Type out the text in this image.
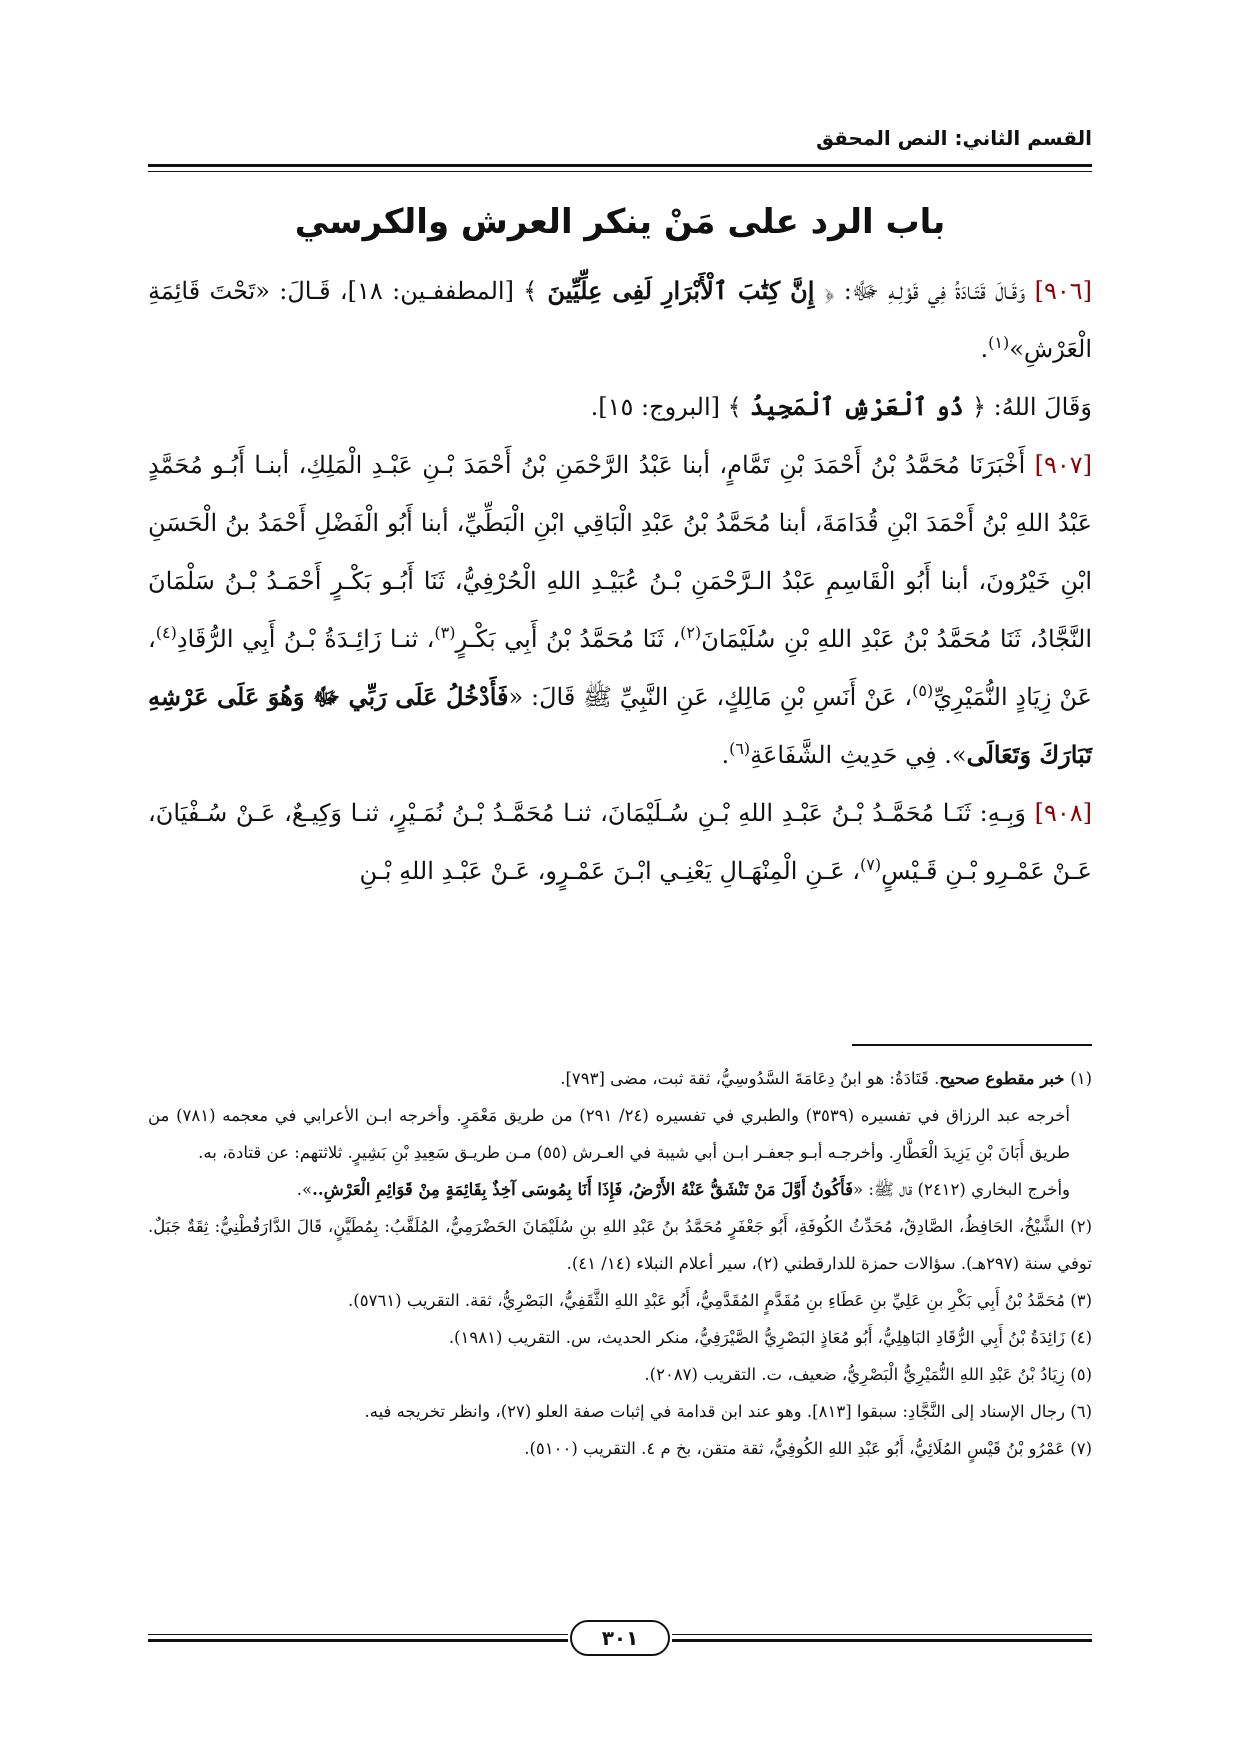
القسم الثاني: النص المحقق
باب الرد على مَنْ ينكر العرش والكرسي

[٩٠٦] وَقَـالَ قَتَـادَةُ فِي قَوْلِـهِ ﷻ: ﴿ إِنَّ كِتَٰبَ ٱلْأَبْرَارِ لَفِى عِلِّيِّينَ ﴾ [المطففـين: ١٨]، قَـالَ: «تَحْتَ قَائِمَةِ الْعَرْشِ»$^{(١)}$.

وَقَالَ اللهُ: ﴿ ذُو ٱلْعَرْشِ ٱلْمَجِيدُ ﴾ [البروج: ١٥].

[٩٠٧] أَخْبَرَنَا مُحَمَّدُ بْنُ أَحْمَدَ بْنِ تَمَّامٍ، أبنا عَبْدُ الرَّحْمَنِ بْنُ أَحْمَدَ بْـنِ عَبْـدِ الْمَلِكِ، أبنـا أَبُـو مُحَمَّدٍ عَبْدُ اللهِ بْنُ أَحْمَدَ ابْنِ قُدَامَةَ، أبنا مُحَمَّدُ بْنُ عَبْدِ الْبَاقِي ابْنِ الْبَطِّيِّ، أبنا أَبُو الْفَضْلِ أَحْمَدُ بنُ الْحَسَنِ ابْنِ خَيْرُونَ، أبنا أَبُو الْقَاسِمِ عَبْدُ الـرَّحْمَنِ بْـنُ عُبَيْـدِ اللهِ الْحُرْفِيُّ، ثَنَا أَبُـو بَكْـرٍ أَحْمَـدُ بْـنُ سَلْمَانَ النَّجَّادُ، ثَنَا مُحَمَّدُ بْنُ عَبْدِ اللهِ بْنِ سُلَيْمَانَ$^{(٢)}$، ثَنَا مُحَمَّدُ بْنُ أَبِي بَكْـرٍ$^{(٣)}$، ثنـا زَائِـدَةُ بْـنُ أَبِي الرُّقَادِ$^{(٤)}$، عَنْ زِيَادٍ النُّمَيْرِيِّ$^{(٥)}$، عَنْ أَنَسِ بْنِ مَالِكٍ، عَنِ النَّبِيِّ ﷺ قَالَ: «فَأَدْخُلُ عَلَى رَبِّي ﷻ وَهُوَ عَلَى عَرْشِهِ تَبَارَكَ وَتَعَالَى». فِي حَدِيثِ الشَّفَاعَةِ$^{(٦)}$.

[٩٠٨] وَبِـهِ: ثَنَـا مُحَمَّـدُ بْـنُ عَبْـدِ اللهِ بْـنِ سُـلَيْمَانَ، ثنـا مُحَمَّـدُ بْـنُ نُمَـيْرٍ، ثنـا وَكِيـعٌ، عَـنْ سُـفْيَانَ، عَـنْ عَمْـرِو بْـنِ قَـيْسٍ$^{(٧)}$، عَـنِ الْمِنْهَـالِ يَعْنِـي ابْـنَ عَمْـرٍو، عَـنْ عَبْـدِ اللهِ بْـنِ

(١) خبر مقطوع صحيح. قَتَادَةُ: هو ابنُ دِعَامَةَ السَّدُوسِيُّ، ثقة ثبت، مضى [٧٩٣].

أخرجه عبد الرزاق في تفسيره (٣٥٣٩) والطبري في تفسيره (٢٤/ ٢٩١) من طريق مَعْمَرٍ. وأخرجه ابـن الأعرابي في معجمه (٧٨١) من طريق أَبَانَ بْنِ يَزِيدَ الْعَطَّارِ. وأخرجـه أبـو جعفـر ابـن أبي شيبة في العـرش (٥٥) مـن طريـق سَعِيدِ بْنِ بَشِيرٍ. ثلاثتهم: عن قتادة، به.

وأخرج البخاري (٢٤١٢) قال ﷺ: «فَأَكُونُ أَوَّلَ مَنْ تَنْشَقُّ عَنْهُ الأَرْضُ، فَإِذَا أَنَا بِمُوسَى آخِذٌ بِقَائِمَةٍ مِنْ قَوَائِمِ الْعَرْشِ..».

(٢) الشَّيْخُ، الحَافِظُ، الصَّادِقُ، مُحَدِّثُ الكُوفَةِ، أَبُو جَعْفَرٍ مُحَمَّدُ بنُ عَبْدِ اللهِ بنِ سُلَيْمَانَ الحَضْرَمِيُّ، المُلَقَّبُ: بِمُطَيَّنٍ، قَالَ الدَّارَقُطْنِيُّ: ثِقَةٌ جَبَلٌ. توفي سنة (٢٩٧هـ). سؤالات حمزة للدارقطني (٢)، سير أعلام النبلاء (١٤/ ٤١).

(٣) مُحَمَّدُ بْنُ أَبِي بَكْرِ بنِ عَلِيِّ بنِ عَطَاءِ بنِ مُقَدَّمٍ المُقَدَّمِيُّ، أَبُو عَبْدِ اللهِ الثَّقَفِيُّ، البَصْرِيُّ، ثقة. التقريب (٥٧٦١).

(٤) زَائِدَةُ بْنُ أَبِي الرُّقَادِ البَاهِلِيُّ، أَبُو مُعَاذٍ البَصْرِيُّ الصَّيْرَفِيُّ، منكر الحديث، س. التقريب (١٩٨١).

(٥) زِيَادُ بْنُ عَبْدِ اللهِ النُّمَيْرِيُّ الْبَصْرِيُّ، ضعيف، ت. التقريب (٢٠٨٧).

(٦) رجال الإسناد إلى النَّجَّادِ: سبقوا [٨١٣]. وهو عند ابن قدامة في إثبات صفة العلو (٢٧)، وانظر تخريجه فيه.

(٧) عَمْرُو بْنُ قَيْسٍ المُلَائِيُّ، أَبُو عَبْدِ اللهِ الكُوفِيُّ، ثقة متقن، بخ م ٤. التقريب (٥١٠٠).

٣٠١
